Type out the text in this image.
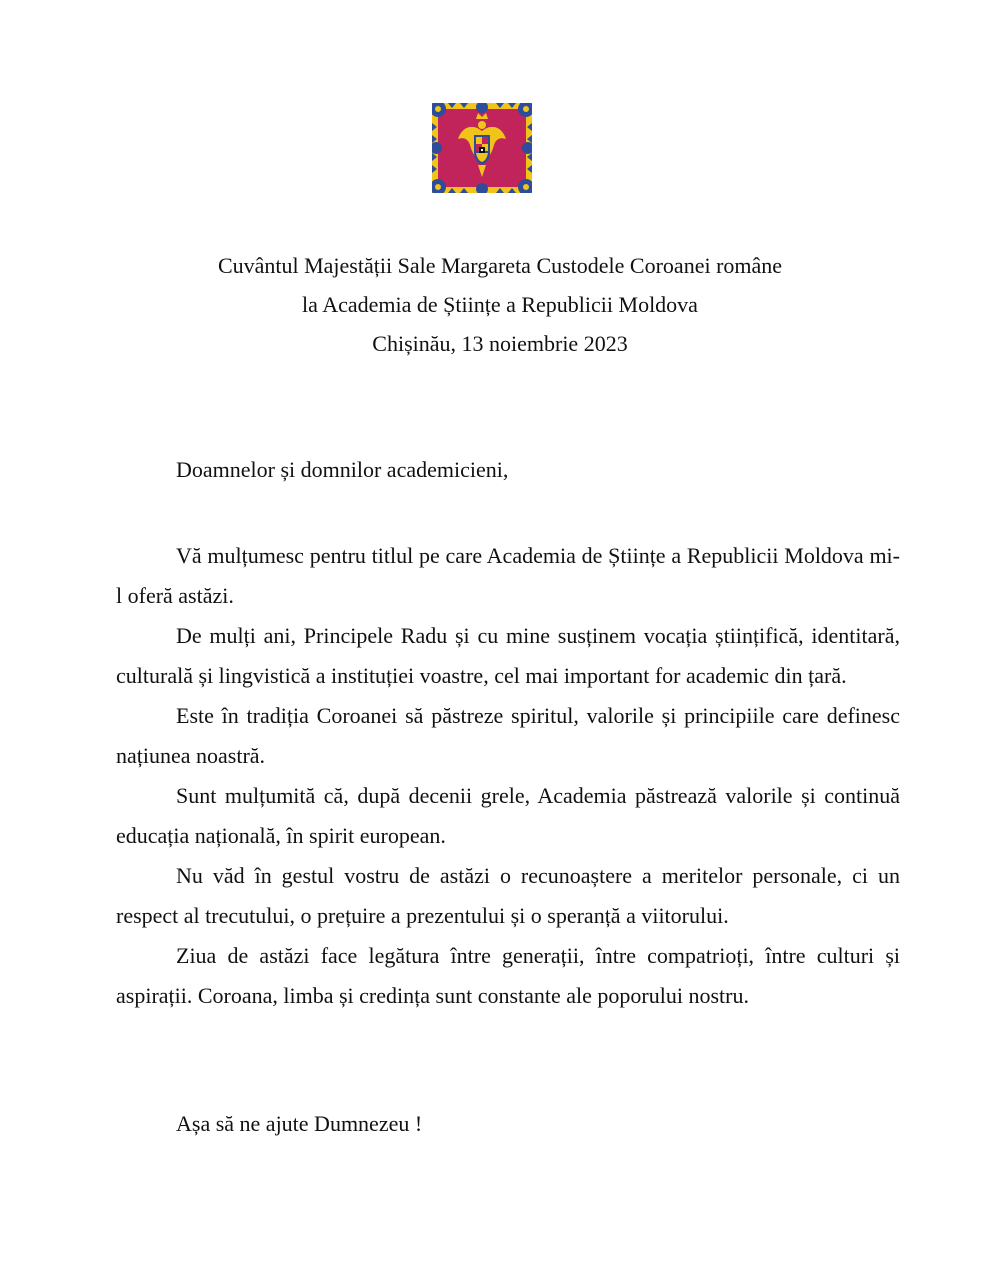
Cuvântul Majestății Sale Margareta Custodele Coroanei române
la Academia de Științe a Republicii Moldova
Chișinău, 13 noiembrie 2023
Doamnelor și domnilor academicieni,

Vă mulțumesc pentru titlul pe care Academia de Științe a Republicii Moldova mi-l oferă astăzi.

De mulți ani, Principele Radu și cu mine susținem vocația științifică, identitară, culturală și lingvistică a instituției voastre, cel mai important for academic din țară.

Este în tradiția Coroanei să păstreze spiritul, valorile și principiile care definesc națiunea noastră.

Sunt mulțumită că, după decenii grele, Academia păstrează valorile și continuă educația națională, în spirit european.

Nu văd în gestul vostru de astăzi o recunoaștere a meritelor personale, ci un respect al trecutului, o prețuire a prezentului și o speranță a viitorului.

Ziua de astăzi face legătura între generații, între compatrioți, între culturi și aspirații. Coroana, limba și credința sunt constante ale poporului nostru.

Așa să ne ajute Dumnezeu !
